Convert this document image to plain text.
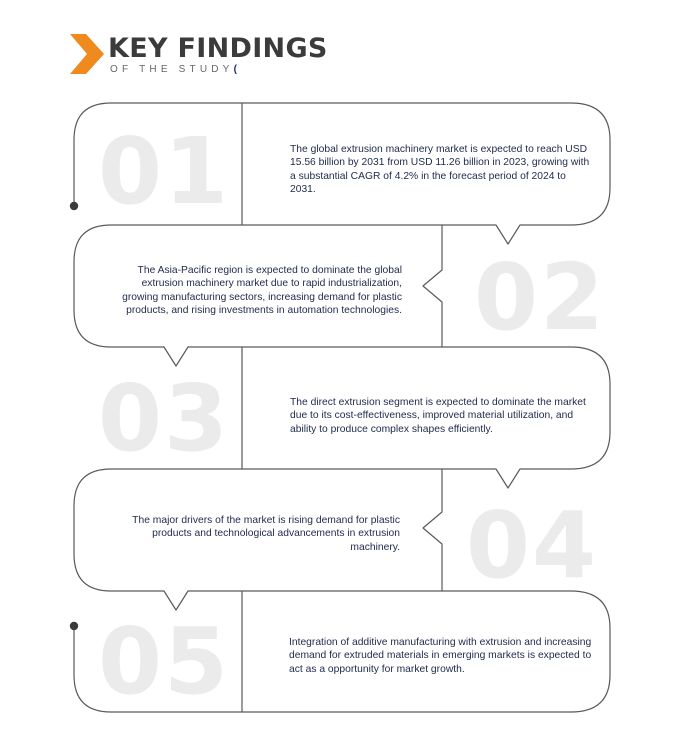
KEY FINDINGS
OF THE STUDY(
01
02
03
04
05
The global extrusion machinery market is expected to reach USD 15.56 billion by 2031 from USD 11.26 billion in 2023, growing with a substantial CAGR of 4.2% in the forecast period of 2024 to 2031.
The Asia-Pacific region is expected to dominate the global extrusion machinery market due to rapid industrialization, growing manufacturing sectors, increasing demand for plastic products, and rising investments in automation technologies.
The direct extrusion segment is expected to dominate the market due to its cost-effectiveness, improved material utilization, and ability to produce complex shapes efficiently.
The major drivers of the market is rising demand for plastic products and technological advancements in extrusion machinery.
Integration of additive manufacturing with extrusion and increasing demand for extruded materials in emerging markets is expected to act as a opportunity for market growth.
